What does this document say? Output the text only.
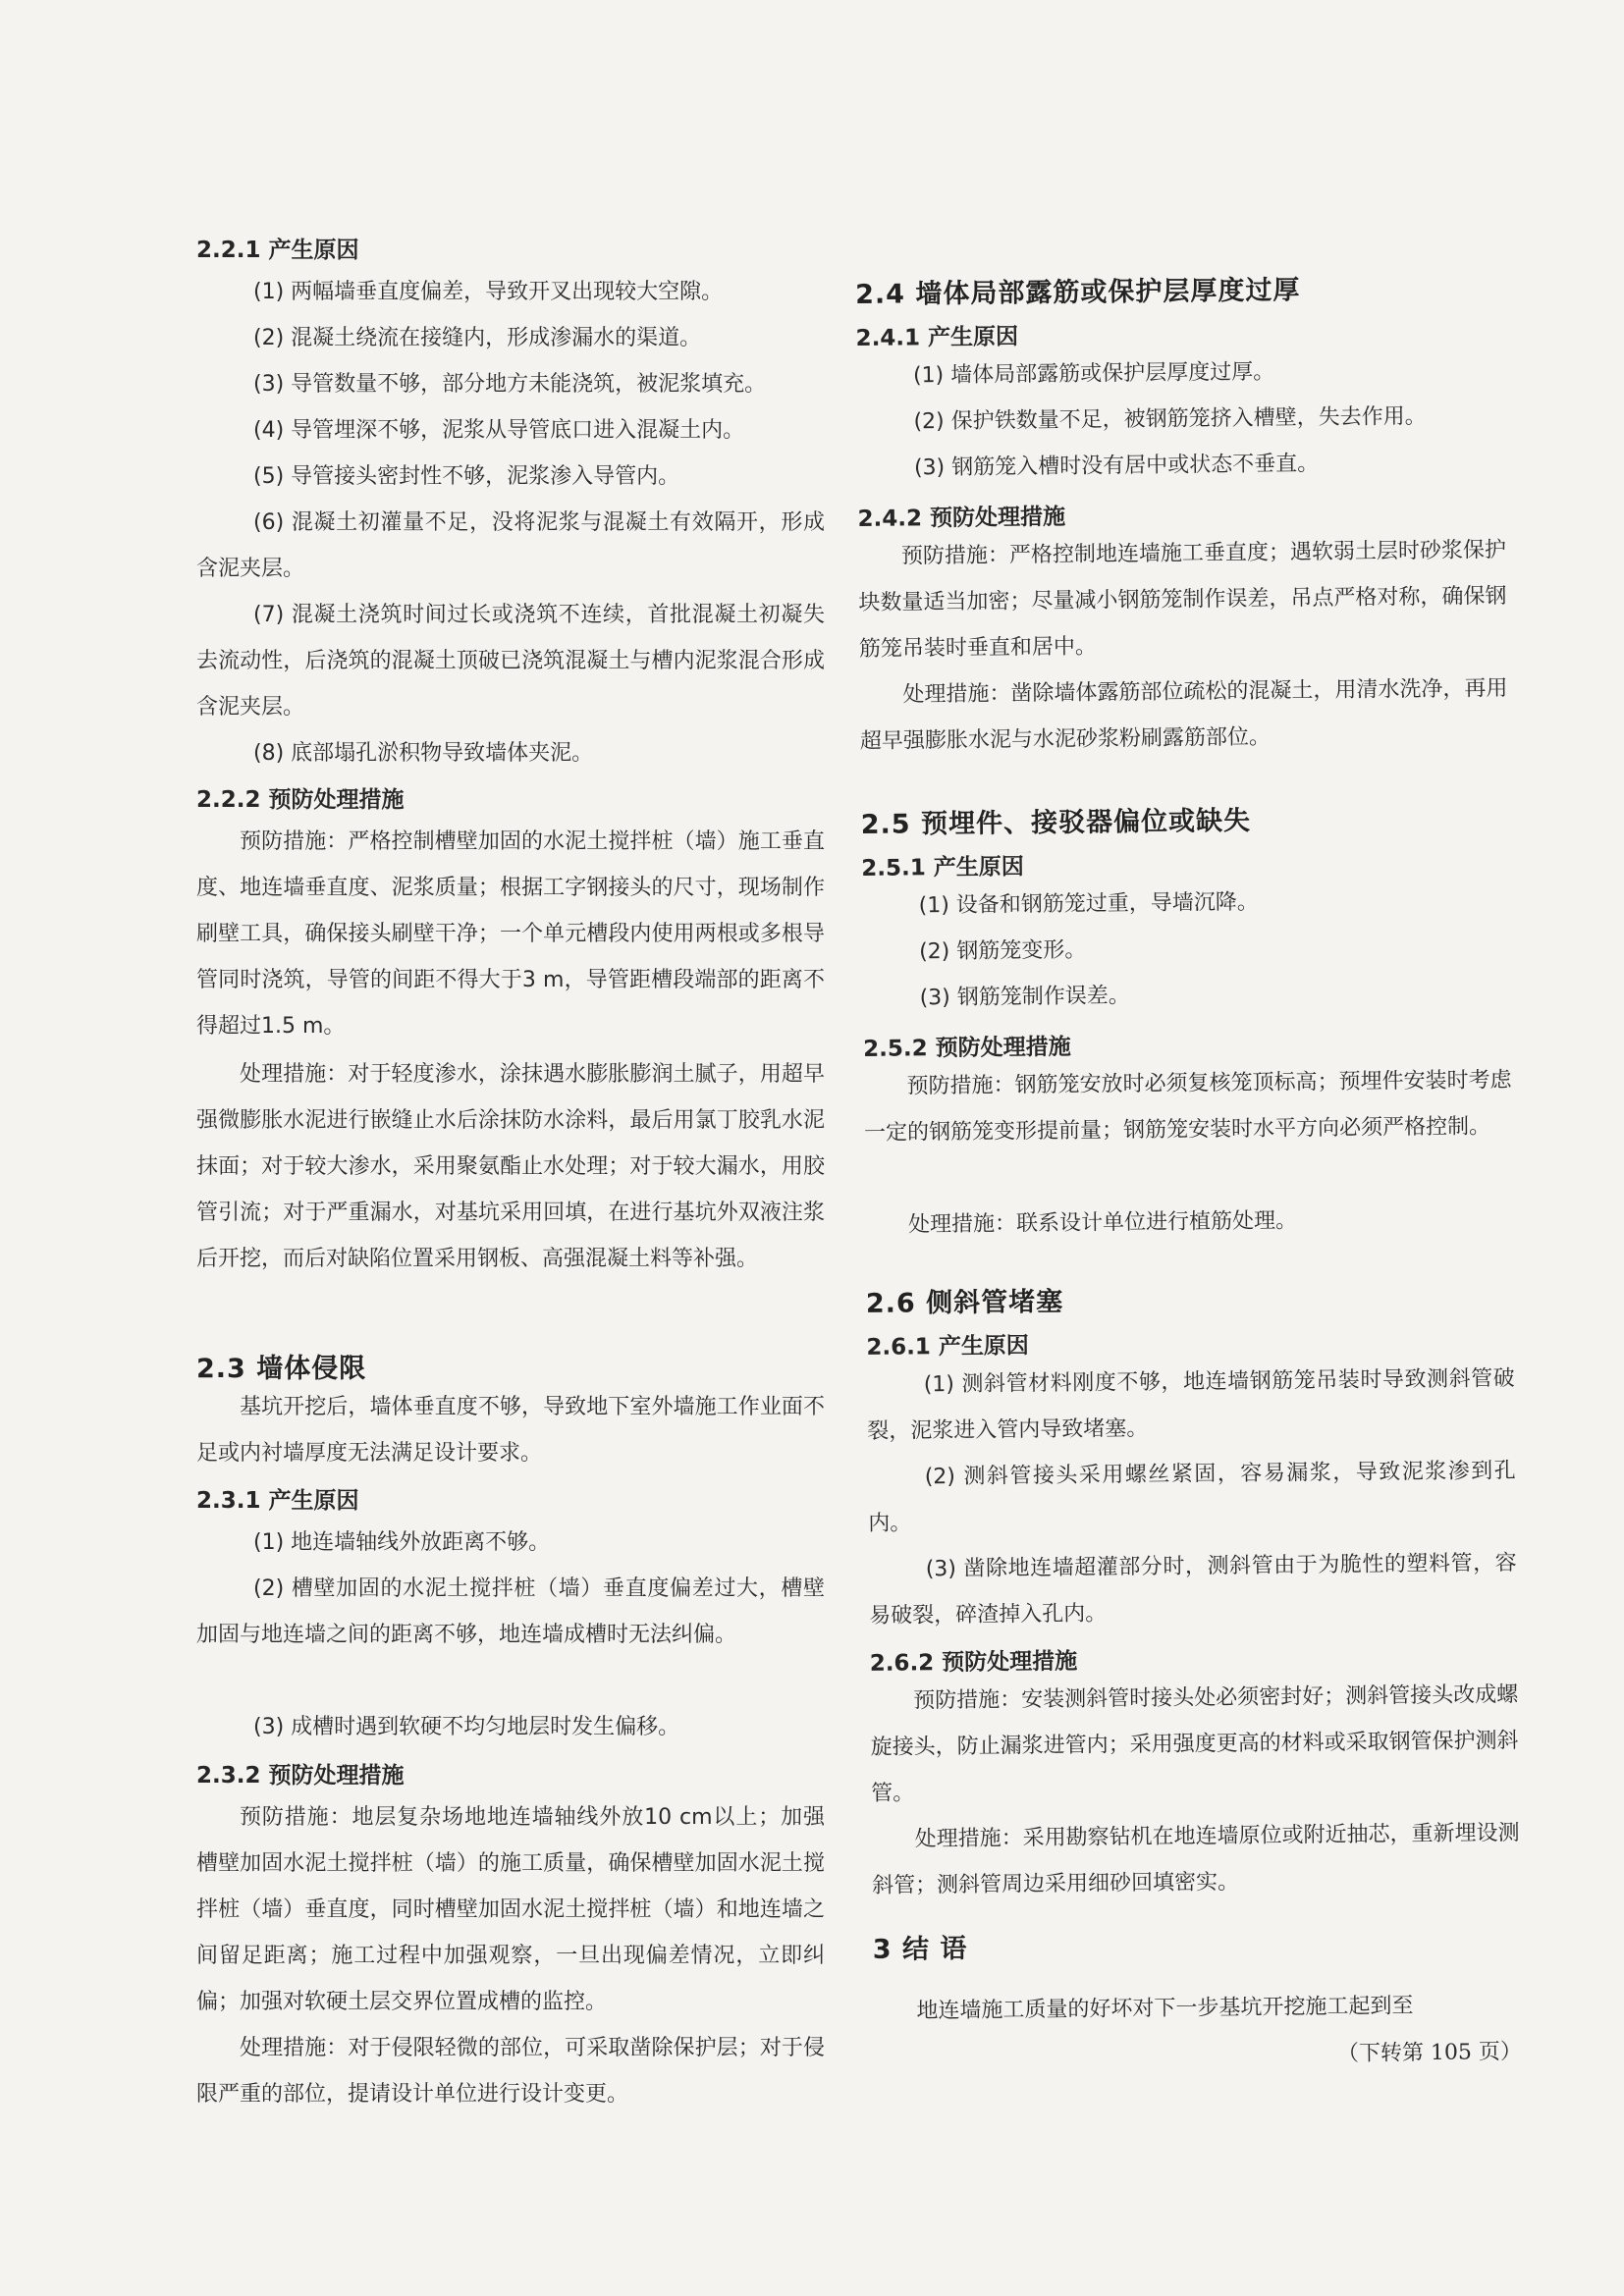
2.2.1 产生原因
(1) 两幅墙垂直度偏差，导致开叉出现较大空隙。
(2) 混凝土绕流在接缝内，形成渗漏水的渠道。
(3) 导管数量不够，部分地方未能浇筑，被泥浆填充。
(4) 导管埋深不够，泥浆从导管底口进入混凝土内。
(5) 导管接头密封性不够，泥浆渗入导管内。
(6) 混凝土初灌量不足，没将泥浆与混凝土有效隔开，形成含泥夹层。
(7) 混凝土浇筑时间过长或浇筑不连续，首批混凝土初凝失去流动性，后浇筑的混凝土顶破已浇筑混凝土与槽内泥浆混合形成含泥夹层。
(8) 底部塌孔淤积物导致墙体夹泥。
2.2.2 预防处理措施
预防措施：严格控制槽壁加固的水泥土搅拌桩（墙）施工垂直度、地连墙垂直度、泥浆质量；根据工字钢接头的尺寸，现场制作刷壁工具，确保接头刷壁干净；一个单元槽段内使用两根或多根导管同时浇筑，导管的间距不得大于3 m，导管距槽段端部的距离不得超过1.5 m。
处理措施：对于轻度渗水，涂抹遇水膨胀膨润土腻子，用超早强微膨胀水泥进行嵌缝止水后涂抹防水涂料，最后用氯丁胶乳水泥抹面；对于较大渗水，采用聚氨酯止水处理；对于较大漏水，用胶管引流；对于严重漏水，对基坑采用回填，在进行基坑外双液注浆后开挖，而后对缺陷位置采用钢板、高强混凝土料等补强。
2.3 墙体侵限
基坑开挖后，墙体垂直度不够，导致地下室外墙施工作业面不足或内衬墙厚度无法满足设计要求。
2.3.1 产生原因
(1) 地连墙轴线外放距离不够。
(2) 槽壁加固的水泥土搅拌桩（墙）垂直度偏差过大，槽壁加固与地连墙之间的距离不够，地连墙成槽时无法纠偏。
(3) 成槽时遇到软硬不均匀地层时发生偏移。
2.3.2 预防处理措施
预防措施：地层复杂场地地连墙轴线外放10 cm以上；加强槽壁加固水泥土搅拌桩（墙）的施工质量，确保槽壁加固水泥土搅拌桩（墙）垂直度，同时槽壁加固水泥土搅拌桩（墙）和地连墙之间留足距离；施工过程中加强观察，一旦出现偏差情况，立即纠偏；加强对软硬土层交界位置成槽的监控。
处理措施：对于侵限轻微的部位，可采取凿除保护层；对于侵限严重的部位，提请设计单位进行设计变更。
2.4 墙体局部露筋或保护层厚度过厚
2.4.1 产生原因
(1) 墙体局部露筋或保护层厚度过厚。
(2) 保护铁数量不足，被钢筋笼挤入槽壁，失去作用。
(3) 钢筋笼入槽时没有居中或状态不垂直。
2.4.2 预防处理措施
预防措施：严格控制地连墙施工垂直度；遇软弱土层时砂浆保护块数量适当加密；尽量减小钢筋笼制作误差，吊点严格对称，确保钢筋笼吊装时垂直和居中。
处理措施：凿除墙体露筋部位疏松的混凝土，用清水洗净，再用超早强膨胀水泥与水泥砂浆粉刷露筋部位。
2.5 预埋件、接驳器偏位或缺失
2.5.1 产生原因
(1) 设备和钢筋笼过重，导墙沉降。
(2) 钢筋笼变形。
(3) 钢筋笼制作误差。
2.5.2 预防处理措施
预防措施：钢筋笼安放时必须复核笼顶标高；预埋件安装时考虑一定的钢筋笼变形提前量；钢筋笼安装时水平方向必须严格控制。
处理措施：联系设计单位进行植筋处理。
2.6 侧斜管堵塞
2.6.1 产生原因
(1) 测斜管材料刚度不够，地连墙钢筋笼吊装时导致测斜管破裂，泥浆进入管内导致堵塞。
(2) 测斜管接头采用螺丝紧固，容易漏浆，导致泥浆渗到孔内。
(3) 凿除地连墙超灌部分时，测斜管由于为脆性的塑料管，容易破裂，碎渣掉入孔内。
2.6.2 预防处理措施
预防措施：安装测斜管时接头处必须密封好；测斜管接头改成螺旋接头，防止漏浆进管内；采用强度更高的材料或采取钢管保护测斜管。
处理措施：采用勘察钻机在地连墙原位或附近抽芯，重新埋设测斜管；测斜管周边采用细砂回填密实。
3 结 语
地连墙施工质量的好坏对下一步基坑开挖施工起到至
（下转第 105 页）
